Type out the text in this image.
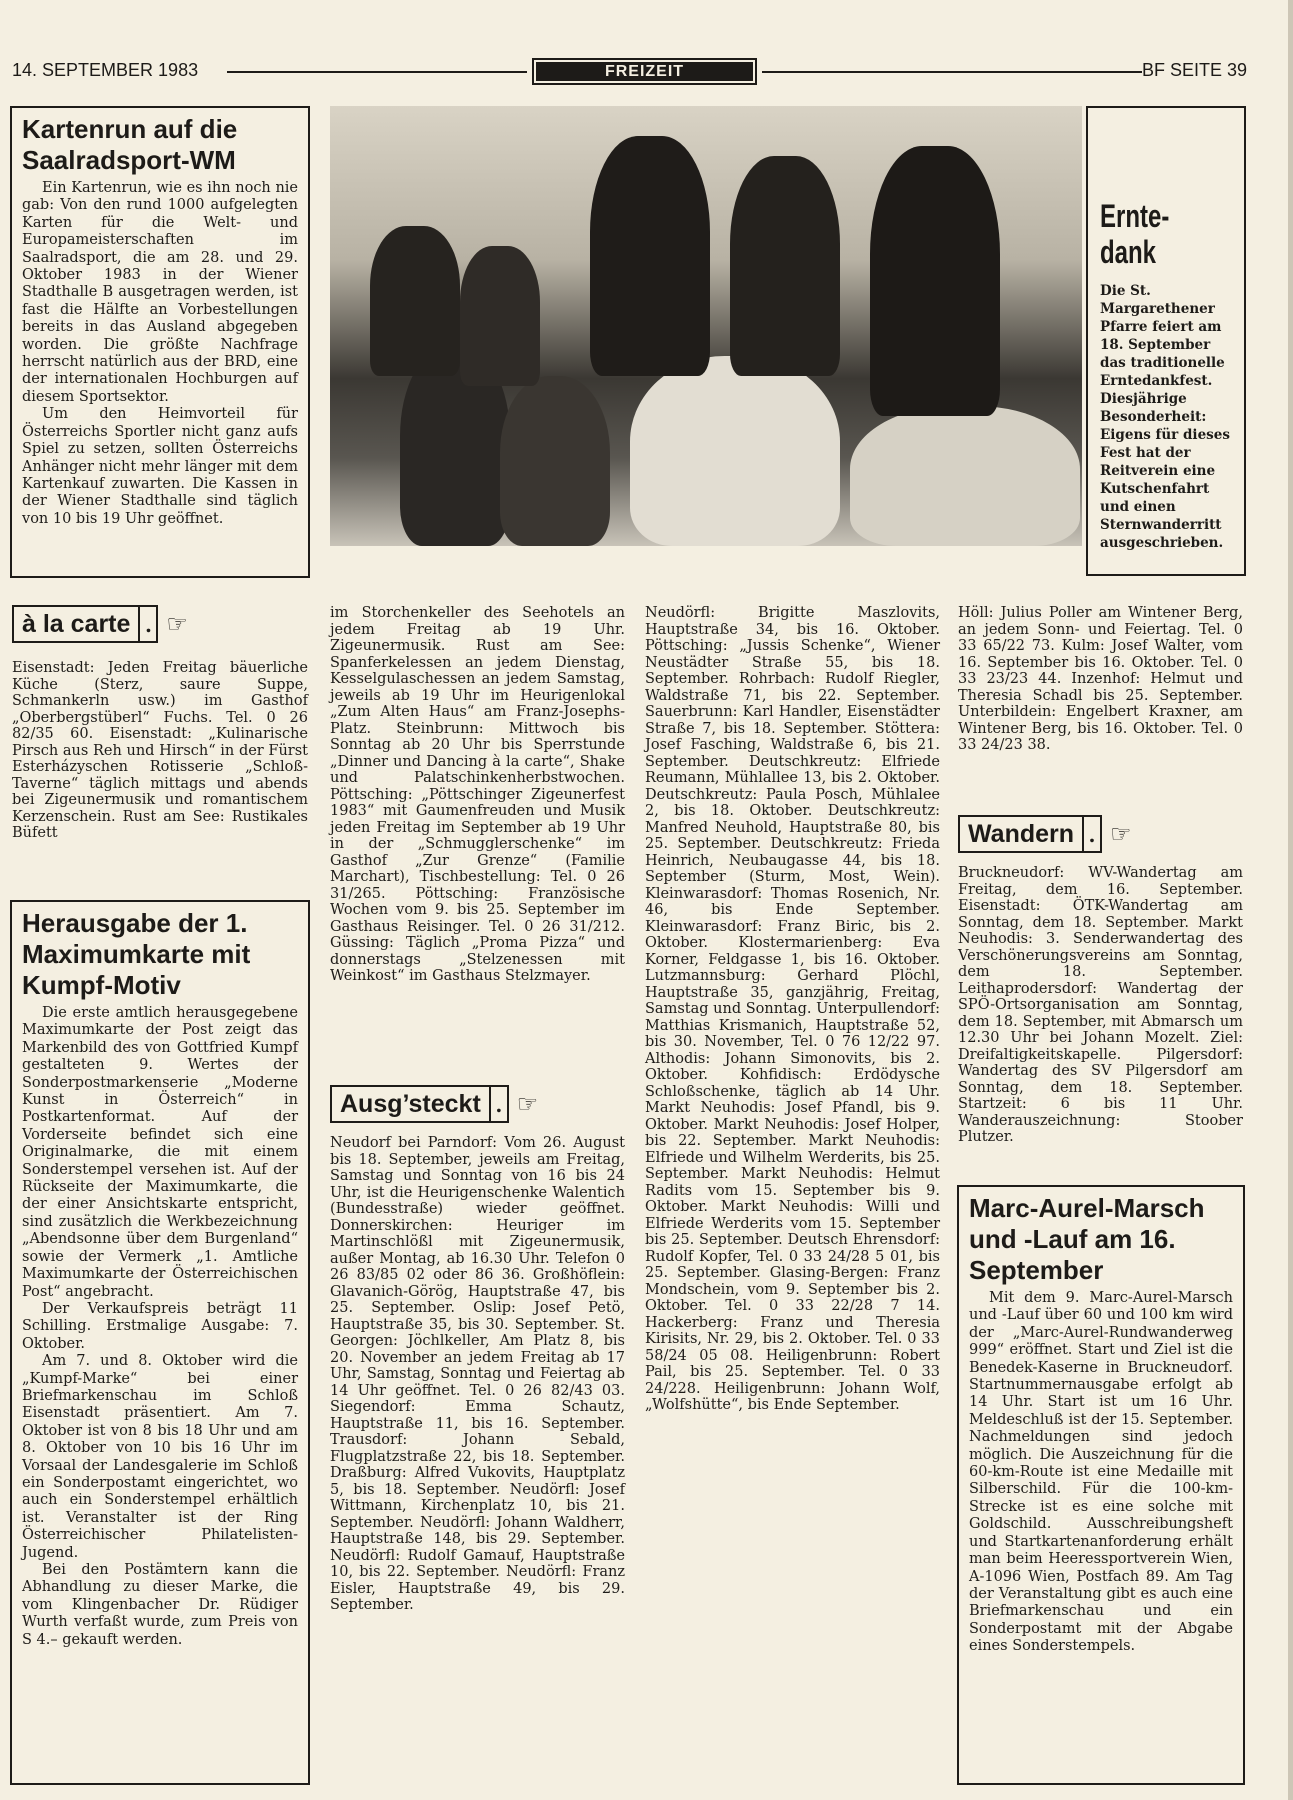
14. SEPTEMBER 1983	FREIZEIT	BF SEITE 39
Kartenrun auf die Saalradsport-WM

Ein Kartenrun, wie es ihn noch nie gab: Von den rund 1000 aufgelegten Karten für die Welt- und Europameisterschaften im Saalradsport, die am 28. und 29. Oktober 1983 in der Wiener Stadthalle B ausgetragen werden, ist fast die Hälfte an Vorbestellungen bereits in das Ausland abgegeben worden. Die größte Nachfrage herrscht natürlich aus der BRD, eine der internationalen Hochburgen auf diesem Sportsektor.

Um den Heimvorteil für Österreichs Sportler nicht ganz aufs Spiel zu setzen, sollten Österreichs Anhänger nicht mehr länger mit dem Kartenkauf zuwarten. Die Kassen in der Wiener Stadthalle sind täglich von 10 bis 19 Uhr geöffnet.

Ernte-
dank
Die St. Margarethener Pfarre feiert am 18. September das traditionelle Erntedankfest. Diesjährige Besonderheit: Eigens für dieses Fest hat der Reitverein eine Kutschenfahrt und einen Sternwanderritt ausgeschrieben.
à la carte . ☞
Eisenstadt: Jeden Freitag bäuerliche Küche (Sterz, saure Suppe, Schmankerln usw.) im Gasthof „Oberbergstüberl“ Fuchs. Tel. 0 26 82/35 60. Eisenstadt: „Kulinarische Pirsch aus Reh und Hirsch“ in der Fürst Esterházyschen Rotisserie „Schloß-Taverne“ täglich mittags und abends bei Zigeunermusik und romantischem Kerzenschein. Rust am See: Rustikales Büfett
Herausgabe der 1. Maximumkarte mit Kumpf-Motiv

Die erste amtlich herausgegebene Maximumkarte der Post zeigt das Markenbild des von Gottfried Kumpf gestalteten 9. Wertes der Sonderpostmarkenserie „Moderne Kunst in Österreich“ in Postkartenformat. Auf der Vorderseite befindet sich eine Originalmarke, die mit einem Sonderstempel versehen ist. Auf der Rückseite der Maximumkarte, die der einer Ansichtskarte entspricht, sind zusätzlich die Werkbezeichnung „Abendsonne über dem Burgenland“ sowie der Vermerk „1. Amtliche Maximumkarte der Österreichischen Post“ angebracht.

Der Verkaufspreis beträgt 11 Schilling. Erstmalige Ausgabe: 7. Oktober.

Am 7. und 8. Oktober wird die „Kumpf-Marke“ bei einer Briefmarkenschau im Schloß Eisenstadt präsentiert. Am 7. Oktober ist von 8 bis 18 Uhr und am 8. Oktober von 10 bis 16 Uhr im Vorsaal der Landesgalerie im Schloß ein Sonderpostamt eingerichtet, wo auch ein Sonderstempel erhältlich ist. Veranstalter ist der Ring Österreichischer Philatelisten-Jugend.

Bei den Postämtern kann die Abhandlung zu dieser Marke, die vom Klingenbacher Dr. Rüdiger Wurth verfaßt wurde, zum Preis von S 4.– gekauft werden.

im Storchenkeller des Seehotels an jedem Freitag ab 19 Uhr. Zigeunermusik. Rust am See: Spanferkelessen an jedem Dienstag, Kesselgulaschessen an jedem Samstag, jeweils ab 19 Uhr im Heurigenlokal „Zum Alten Haus“ am Franz-Josephs-Platz. Steinbrunn: Mittwoch bis Sonntag ab 20 Uhr bis Sperrstunde „Dinner und Dancing à la carte“, Shake und Palatschinkenherbstwochen. Pöttsching: „Pöttschinger Zigeunerfest 1983“ mit Gaumenfreuden und Musik jeden Freitag im September ab 19 Uhr in der „Schmugglerschenke“ im Gasthof „Zur Grenze“ (Familie Marchart), Tischbestellung: Tel. 0 26 31/265. Pöttsching: Französische Wochen vom 9. bis 25. September im Gasthaus Reisinger. Tel. 0 26 31/212. Güssing: Täglich „Proma Pizza“ und donnerstags „Stelzenessen mit Weinkost“ im Gasthaus Stelzmayer.
Ausg’steckt . ☞
Neudorf bei Parndorf: Vom 26. August bis 18. September, jeweils am Freitag, Samstag und Sonntag von 16 bis 24 Uhr, ist die Heurigenschenke Walentich (Bundesstraße) wieder geöffnet. Donnerskirchen: Heuriger im Martinschlößl mit Zigeunermusik, außer Montag, ab 16.30 Uhr. Telefon 0 26 83/85 02 oder 86 36. Großhöflein: Glavanich-Görög, Hauptstraße 47, bis 25. September. Oslip: Josef Petö, Hauptstraße 35, bis 30. September. St. Georgen: Jöchlkeller, Am Platz 8, bis 20. November an jedem Freitag ab 17 Uhr, Samstag, Sonntag und Feiertag ab 14 Uhr geöffnet. Tel. 0 26 82/43 03. Siegendorf: Emma Schautz, Hauptstraße 11, bis 16. September. Trausdorf: Johann Sebald, Flugplatzstraße 22, bis 18. September. Draßburg: Alfred Vukovits, Hauptplatz 5, bis 18. September. Neudörfl: Josef Wittmann, Kirchenplatz 10, bis 21. September. Neudörfl: Johann Waldherr, Hauptstraße 148, bis 29. September. Neudörfl: Rudolf Gamauf, Hauptstraße 10, bis 22. September. Neudörfl: Franz Eisler, Hauptstraße 49, bis 29. September.
Neudörfl: Brigitte Maszlovits, Hauptstraße 34, bis 16. Oktober. Pöttsching: „Jussis Schenke“, Wiener Neustädter Straße 55, bis 18. September. Rohrbach: Rudolf Riegler, Waldstraße 71, bis 22. September. Sauerbrunn: Karl Handler, Eisenstädter Straße 7, bis 18. September. Stöttera: Josef Fasching, Waldstraße 6, bis 21. September. Deutschkreutz: Elfriede Reumann, Mühlallee 13, bis 2. Oktober. Deutschkreutz: Paula Posch, Mühlalee 2, bis 18. Oktober. Deutschkreutz: Manfred Neuhold, Hauptstraße 80, bis 25. September. Deutschkreutz: Frieda Heinrich, Neubaugasse 44, bis 18. September (Sturm, Most, Wein). Kleinwarasdorf: Thomas Rosenich, Nr. 46, bis Ende September. Kleinwarasdorf: Franz Biric, bis 2. Oktober. Klostermarienberg: Eva Korner, Feldgasse 1, bis 16. Oktober. Lutzmannsburg: Gerhard Plöchl, Hauptstraße 35, ganzjährig, Freitag, Samstag und Sonntag. Unterpullendorf: Matthias Krismanich, Hauptstraße 52, bis 30. November, Tel. 0 76 12/22 97. Althodis: Johann Simonovits, bis 2. Oktober. Kohfidisch: Erdödysche Schloßschenke, täglich ab 14 Uhr. Markt Neuhodis: Josef Pfandl, bis 9. Oktober. Markt Neuhodis: Josef Holper, bis 22. September. Markt Neuhodis: Elfriede und Wilhelm Werderits, bis 25. September. Markt Neuhodis: Helmut Radits vom 15. September bis 9. Oktober. Markt Neuhodis: Willi und Elfriede Werderits vom 15. September bis 25. September. Deutsch Ehrensdorf: Rudolf Kopfer, Tel. 0 33 24/28 5 01, bis 25. September. Glasing-Bergen: Franz Mondschein, vom 9. September bis 2. Oktober. Tel. 0 33 22/28 7 14. Hackerberg: Franz und Theresia Kirisits, Nr. 29, bis 2. Oktober. Tel. 0 33 58/24 05 08. Heiligenbrunn: Robert Pail, bis 25. September. Tel. 0 33 24/228. Heiligenbrunn: Johann Wolf, „Wolfshütte“, bis Ende September.
Höll: Julius Poller am Wintener Berg, an jedem Sonn- und Feiertag. Tel. 0 33 65/22 73. Kulm: Josef Walter, vom 16. September bis 16. Oktober. Tel. 0 33 23/23 44. Inzenhof: Helmut und Theresia Schadl bis 25. September. Unterbildein: Engelbert Kraxner, am Wintener Berg, bis 16. Oktober. Tel. 0 33 24/23 38.
Wandern . ☞
Bruckneudorf: WV-Wandertag am Freitag, dem 16. September. Eisenstadt: ÖTK-Wandertag am Sonntag, dem 18. September. Markt Neuhodis: 3. Senderwandertag des Verschönerungsvereins am Sonntag, dem 18. September. Leithaprodersdorf: Wandertag der SPÖ-Ortsorganisation am Sonntag, dem 18. September, mit Abmarsch um 12.30 Uhr bei Johann Mozelt. Ziel: Dreifaltigkeitskapelle. Pilgersdorf: Wandertag des SV Pilgersdorf am Sonntag, dem 18. September. Startzeit: 6 bis 11 Uhr. Wanderauszeichnung: Stoober Plutzer.
Marc-Aurel-Marsch und -Lauf am 16. September

Mit dem 9. Marc-Aurel-Marsch und -Lauf über 60 und 100 km wird der „Marc-Aurel-Rundwanderweg 999“ eröffnet. Start und Ziel ist die Benedek-Kaserne in Bruckneudorf. Startnummernausgabe erfolgt ab 14 Uhr. Start ist um 16 Uhr. Meldeschluß ist der 15. September. Nachmeldungen sind jedoch möglich. Die Auszeichnung für die 60-km-Route ist eine Medaille mit Silberschild. Für die 100-km-Strecke ist es eine solche mit Goldschild. Ausschreibungsheft und Startkartenanforderung erhält man beim Heeressportverein Wien, A-1096 Wien, Postfach 89. Am Tag der Veranstaltung gibt es auch eine Briefmarkenschau und ein Sonderpostamt mit der Abgabe eines Sonderstempels.
